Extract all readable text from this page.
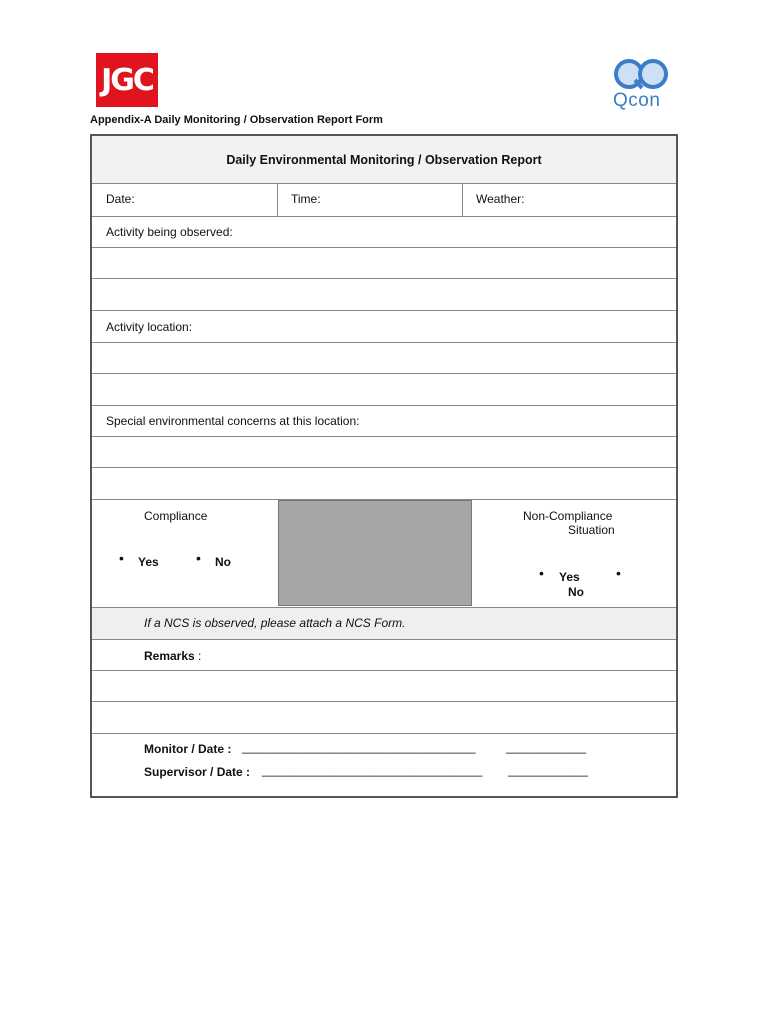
JGC
Qcon
Appendix-A Daily Monitoring / Observation Report Form
Daily Environmental Monitoring / Observation Report
Date:	Time:	Weather:
Activity being observed:
Activity location:
Special environmental concerns at this location:
Compliance
• Yes	• No
Non-Compliance
Situation
• Yes	•
No
If a NCS is observed, please attach a NCS Form.
Remarks :
Monitor / Date : ___________________________________	____________
Supervisor / Date : _________________________________ ____________
